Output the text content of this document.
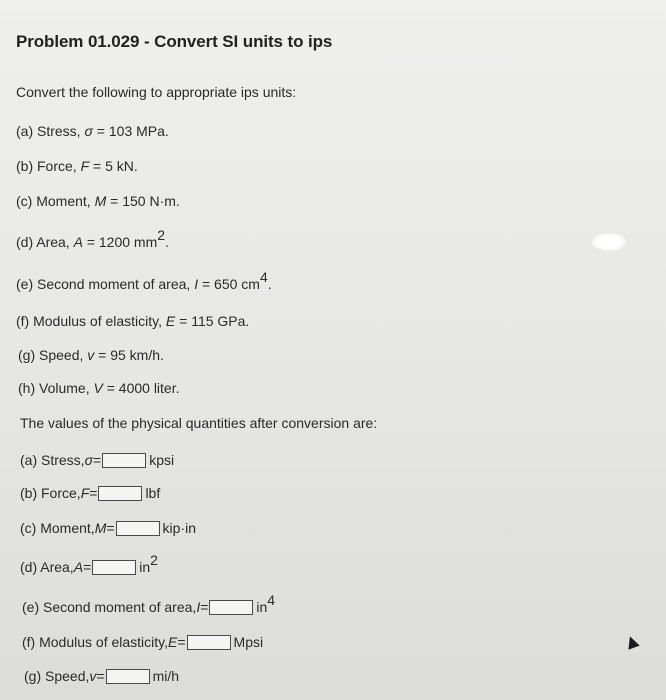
Problem 01.029 - Convert SI units to ips
Convert the following to appropriate ips units:
(a) Stress, σ = 103 MPa.
(b) Force, F = 5 kN.
(c) Moment, M = 150 N·m.
(d) Area, A = 1200 $mm^2$.
(e) Second moment of area, I = 650 $cm^4$.
(f) Modulus of elasticity, E = 115 GPa.
(g) Speed, v = 95 km/h.
(h) Volume, V = 4000 liter.
The values of the physical quantities after conversion are:
(a) Stress, σ =	kpsi
(b) Force, F =	lbf
(c) Moment, M =	kip·in
(d) Area, A =	$in^2$
(e) Second moment of area, I =	$in^4$
(f) Modulus of elasticity, E =	Mpsi
(g) Speed, v =	mi/h
